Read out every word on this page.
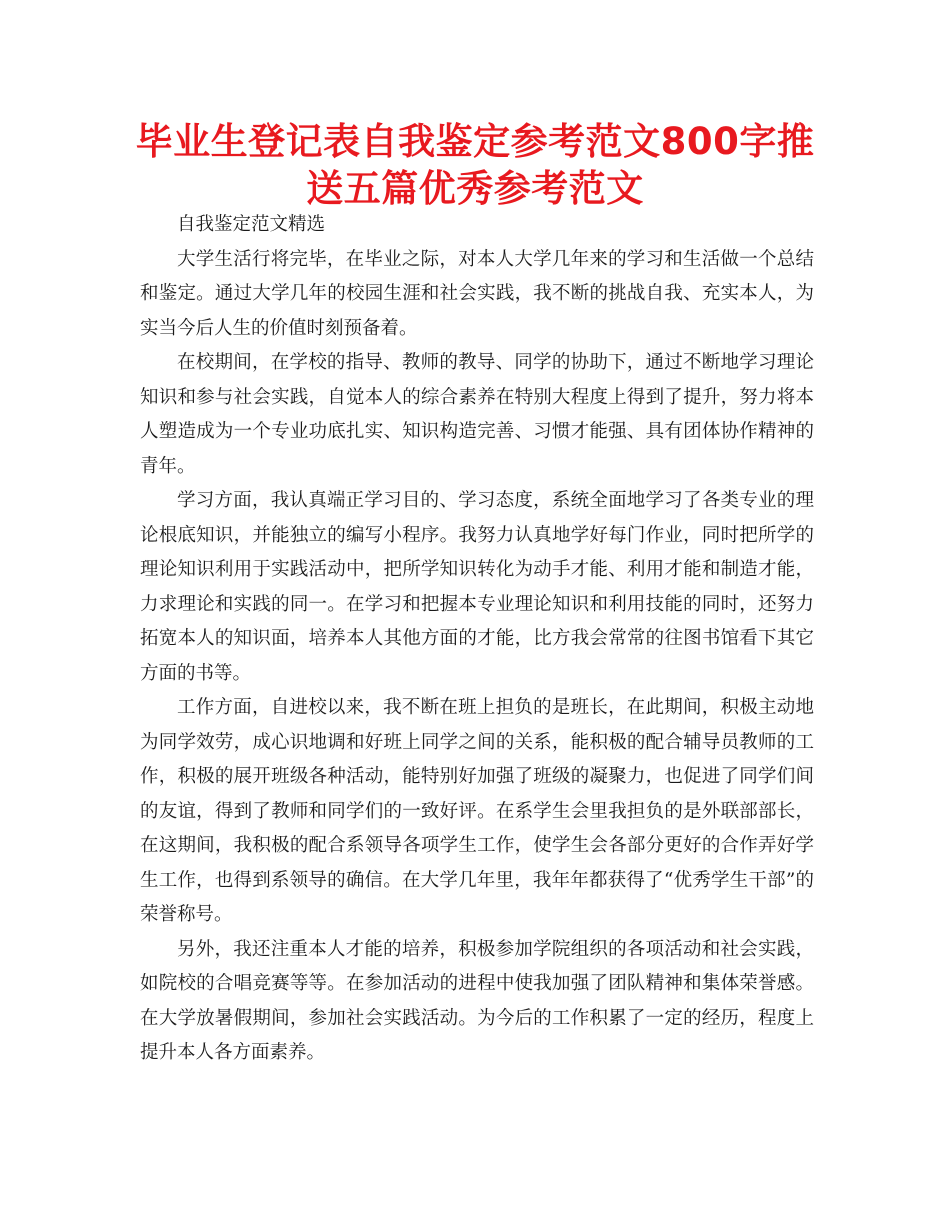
毕业生登记表自我鉴定参考范文800字推送五篇优秀参考范文

自我鉴定范文精选

大学生活行将完毕，在毕业之际，对本人大学几年来的学习和生活做一个总结和鉴定。通过大学几年的校园生涯和社会实践，我不断的挑战自我、充实本人，为实当今后人生的价值时刻预备着。

在校期间，在学校的指导、教师的教导、同学的协助下，通过不断地学习理论知识和参与社会实践，自觉本人的综合素养在特别大程度上得到了提升，努力将本人塑造成为一个专业功底扎实、知识构造完善、习惯才能强、具有团体协作精神的青年。

学习方面，我认真端正学习目的、学习态度，系统全面地学习了各类专业的理论根底知识，并能独立的编写小程序。我努力认真地学好每门作业，同时把所学的理论知识利用于实践活动中，把所学知识转化为动手才能、利用才能和制造才能，力求理论和实践的同一。在学习和把握本专业理论知识和利用技能的同时，还努力拓宽本人的知识面，培养本人其他方面的才能，比方我会常常的往图书馆看下其它方面的书等。

工作方面，自进校以来，我不断在班上担负的是班长，在此期间，积极主动地为同学效劳，成心识地调和好班上同学之间的关系，能积极的配合辅导员教师的工作，积极的展开班级各种活动，能特别好加强了班级的凝聚力，也促进了同学们间的友谊，得到了教师和同学们的一致好评。在系学生会里我担负的是外联部部长，在这期间，我积极的配合系领导各项学生工作，使学生会各部分更好的合作弄好学生工作，也得到系领导的确信。在大学几年里，我年年都获得了“优秀学生干部”的荣誉称号。

另外，我还注重本人才能的培养，积极参加学院组织的各项活动和社会实践，如院校的合唱竞赛等等。在参加活动的进程中使我加强了团队精神和集体荣誉感。在大学放暑假期间，参加社会实践活动。为今后的工作积累了一定的经历，程度上提升本人各方面素养。
